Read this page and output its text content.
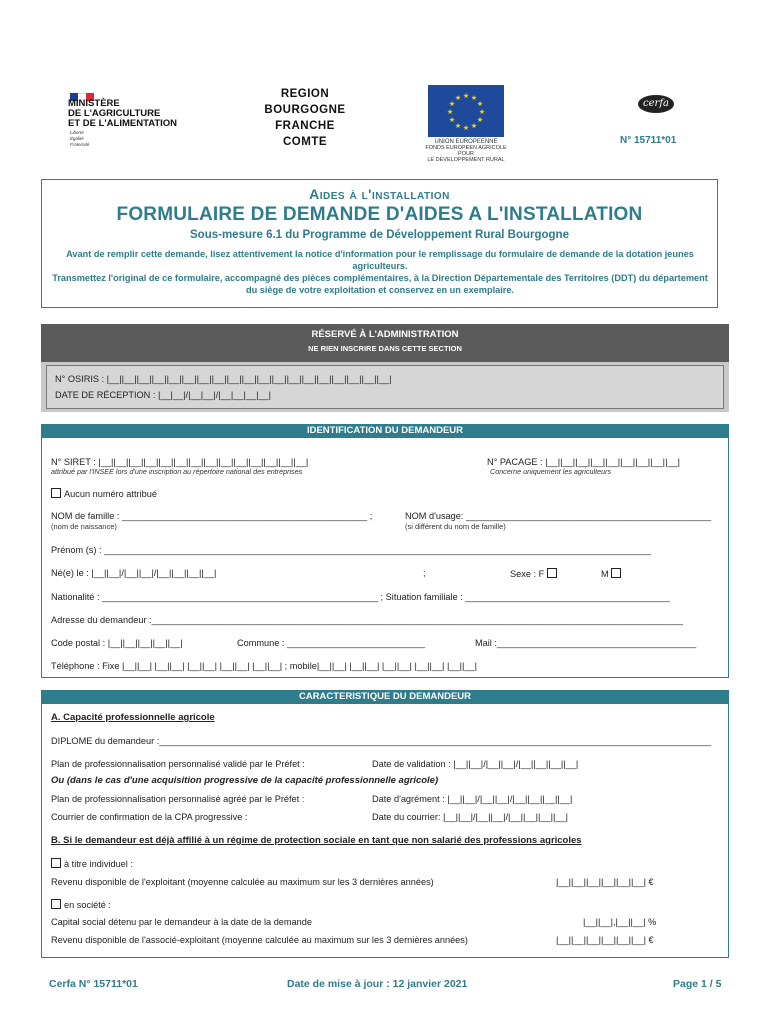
MINISTÈRE
DE L'AGRICULTURE
ET DE L'ALIMENTATION
Liberté
Égalité
Fraternité
REGION
BOURGOGNE
FRANCHE
COMTE
★ ★
★
★
★
★
★
★
★
★
★
★
UNION EUROPEENNE
FONDS EUROPEEN AGRICOLE POUR
LE DEVELOPPEMENT RURAL
cerfa
N° 15711*01
Aides à l'installation
FORMULAIRE DE DEMANDE D'AIDES A L'INSTALLATION
Sous-mesure 6.1 du Programme de Développement Rural Bourgogne
Avant de remplir cette demande, lisez attentivement la notice d'information pour le remplissage du formulaire de demande de la dotation jeunes agriculteurs.
Transmettez l'original de ce formulaire, accompagné des pièces complémentaires, à la Direction Départementale des Territoires (DDT) du département du siège de votre exploitation et conservez en un exemplaire.
RÉSERVÉ À L'ADMINISTRATION
NE RIEN INSCRIRE DANS CETTE SECTION
N° OSIRIS : |__||__||__||__||__||__||__||__||__||__||__||__||__||__||__||__||__||__||__|
DATE DE RÉCEPTION : |__|__|/|__|__|/|__|__|__|__|
IDENTIFICATION DU DEMANDEUR
N° SIRET : |__||__||__||__||__||__||__||__||__||__||__||__||__||__|
attribué par l'INSEE lors d'une inscription au répertoire national des entreprises
N° PACAGE : |__||__||__||__||__||__||__||__||__|
Concerne uniquement les agriculteurs
Aucun numéro attribué
NOM de famille : ________________________________________________ ;
(nom de naissance)
NOM d'usage: ________________________________________________
(si différent du nom de famille)
Prénom (s) : ___________________________________________________________________________________________________________
Né(e) le : |__||__|/|__||__|/|__||__||__||__|	;	Sexe : F	M
Nationalité : ______________________________________________________ ; Situation familiale : ________________________________________
Adresse du demandeur :________________________________________________________________________________________________________
Code postal : |__||__||__||__||__|	Commune : ___________________________	Mail :_______________________________________
Téléphone : Fixe |__||__| |__||__| |__||__| |__||__| |__||__| ; mobile|__||__| |__||__| |__||__| |__||__| |__||__|
CARACTERISTIQUE DU DEMANDEUR
A. Capacité professionnelle agricole
DIPLOME du demandeur :____________________________________________________________________________________________________________
Plan de professionnalisation personnalisé validé par le Préfet :	Date de validation : |__||__|/|__||__|/|__||__||__||__|
Ou (dans le cas d'une acquisition progressive de la capacité professionnelle agricole)
Plan de professionnalisation personnalisé agréé par le Préfet :	Date d'agrément : |__||__|/|__||__|/|__||__||__||__|
Courrier de confirmation de la CPA progressive :	Date du courrier: |__||__|/|__||__|/|__||__||__||__|
B. Si le demandeur est déjà affilié à un régime de protection sociale en tant que non salarié des professions agricoles
à titre individuel :
Revenu disponible de l'exploitant (moyenne calculée au maximum sur les 3 dernières années)	|__||__||__||__||__||__| €
en société :
Capital social détenu par le demandeur à la date de la demande	|__||__|,|__||__| %
Revenu disponible de l'associé-exploitant (moyenne calculée au maximum sur les 3 dernières années)	|__||__||__||__||__||__| €
Cerfa N° 15711*01	Date de mise à jour : 12 janvier 2021	Page 1 / 5
